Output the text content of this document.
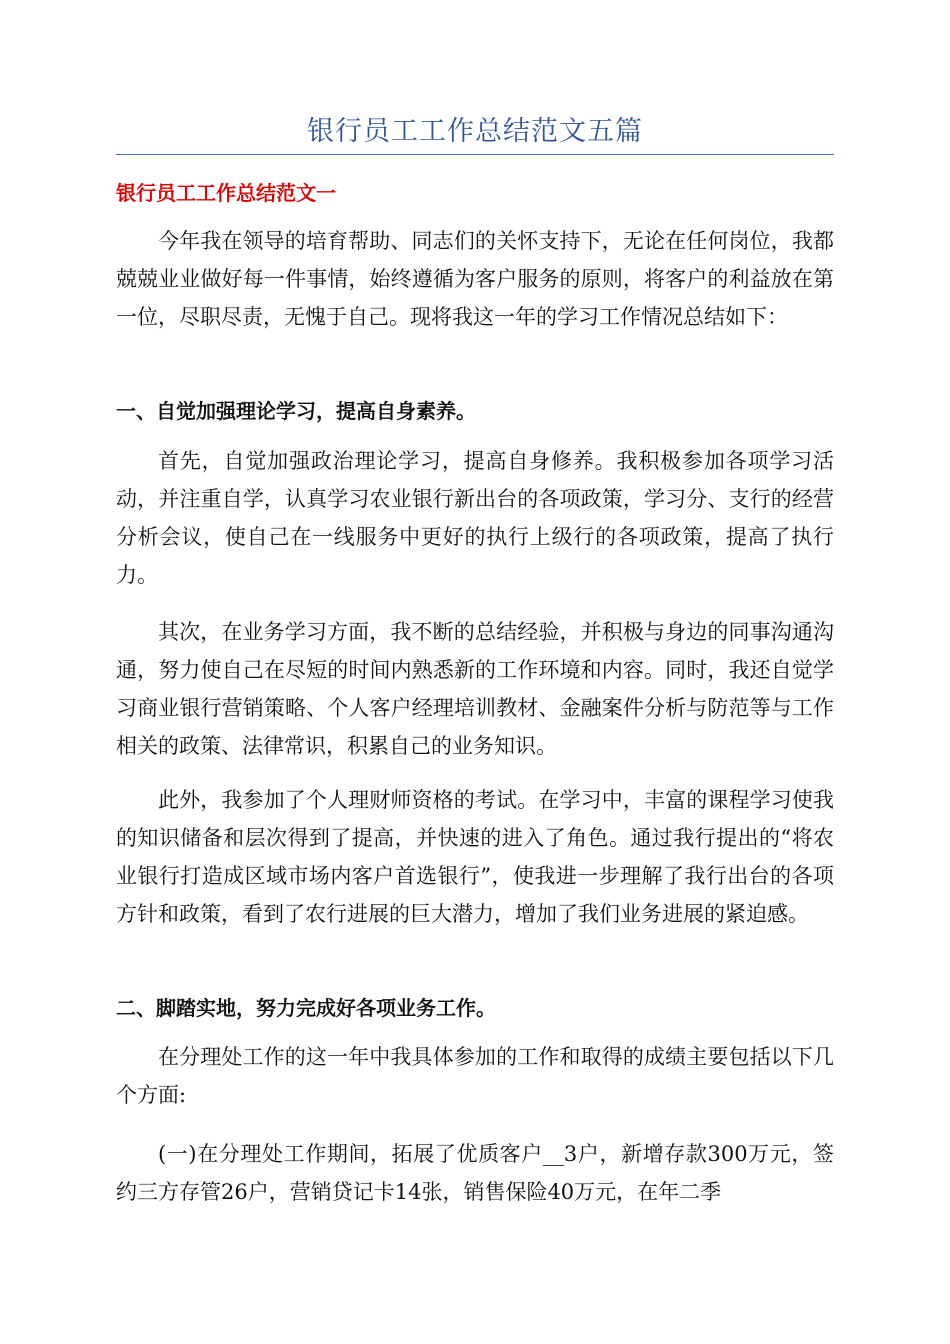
银行员工工作总结范文五篇
银行员工工作总结范文一
今年我在领导的培育帮助、同志们的关怀支持下，无论在任何岗位，我都兢兢业业做好每一件事情，始终遵循为客户服务的原则，将客户的利益放在第一位，尽职尽责，无愧于自己。现将我这一年的学习工作情况总结如下：
一、自觉加强理论学习，提高自身素养。
首先，自觉加强政治理论学习，提高自身修养。我积极参加各项学习活动，并注重自学，认真学习农业银行新出台的各项政策，学习分、支行的经营分析会议，使自己在一线服务中更好的执行上级行的各项政策，提高了执行力。
其次，在业务学习方面，我不断的总结经验，并积极与身边的同事沟通沟通，努力使自己在尽短的时间内熟悉新的工作环境和内容。同时，我还自觉学习商业银行营销策略、个人客户经理培训教材、金融案件分析与防范等与工作相关的政策、法律常识，积累自己的业务知识。
此外，我参加了个人理财师资格的考试。在学习中，丰富的课程学习使我的知识储备和层次得到了提高，并快速的进入了角色。通过我行提出的“将农业银行打造成区域市场内客户首选银行”，使我进一步理解了我行出台的各项方针和政策，看到了农行进展的巨大潜力，增加了我们业务进展的紧迫感。
二、脚踏实地，努力完成好各项业务工作。
在分理处工作的这一年中我具体参加的工作和取得的成绩主要包括以下几个方面:
(一)在分理处工作期间，拓展了优质客户__3户，新增存款300万元，签约三方存管26户，营销贷记卡14张，销售保险40万元，在年二季
